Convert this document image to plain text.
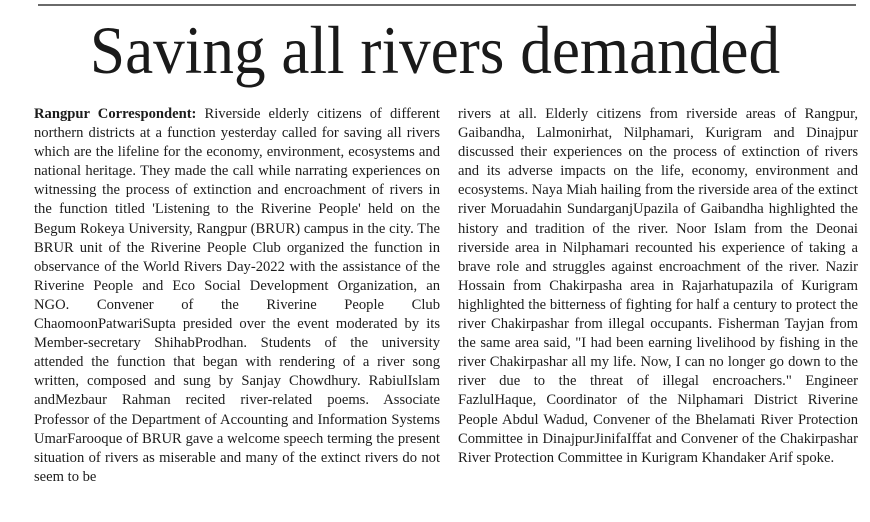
Saving all rivers demanded

Rangpur Correspondent: Riverside elderly citizens of different northern districts at a function yesterday called for saving all rivers which are the lifeline for the economy, environment, ecosystems and national heritage. They made the call while narrating experiences on witnessing the process of extinction and encroachment of rivers in the function titled 'Listening to the Riverine People' held on the Begum Rokeya University, Rangpur (BRUR) campus in the city. The BRUR unit of the Riverine People Club organized the function in observance of the World Rivers Day-2022 with the assistance of the Riverine People and Eco Social Development Organization, an NGO. Convener of the Riverine People Club ChaomoonPatwariSupta presided over the event moderated by its Member-secretary ShihabProdhan. Students of the university attended the function that began with rendering of a river song written, composed and sung by Sanjay Chowdhury. RabiulIslam andMezbaur Rahman recited river-related poems. Associate Professor of the Department of Accounting and Information Systems UmarFarooque of BRUR gave a welcome speech terming the present situation of rivers as miserable and many of the extinct rivers do not seem to be

rivers at all. Elderly citizens from riverside areas of Rangpur, Gaibandha, Lalmonirhat, Nilphamari, Kurigram and Dinajpur discussed their experiences on the process of extinction of rivers and its adverse impacts on the life, economy, environment and ecosystems. Naya Miah hailing from the riverside area of the extinct river Moruadahin SundarganjUpazila of Gaibandha highlighted the history and tradition of the river. Noor Islam from the Deonai riverside area in Nilphamari recounted his experience of taking a brave role and struggles against encroachment of the river. Nazir Hossain from Chakirpasha area in Rajarhatupazila of Kurigram highlighted the bitterness of fighting for half a century to protect the river Chakirpashar from illegal occupants. Fisherman Tayjan from the same area said, "I had been earning livelihood by fishing in the river Chakirpashar all my life. Now, I can no longer go down to the river due to the threat of illegal encroachers." Engineer FazlulHaque, Coordinator of the Nilphamari District Riverine People Abdul Wadud, Convener of the Bhelamati River Protection Committee in DinajpurJinifaIffat and Convener of the Chakirpashar River Protection Committee in Kurigram Khandaker Arif spoke.
